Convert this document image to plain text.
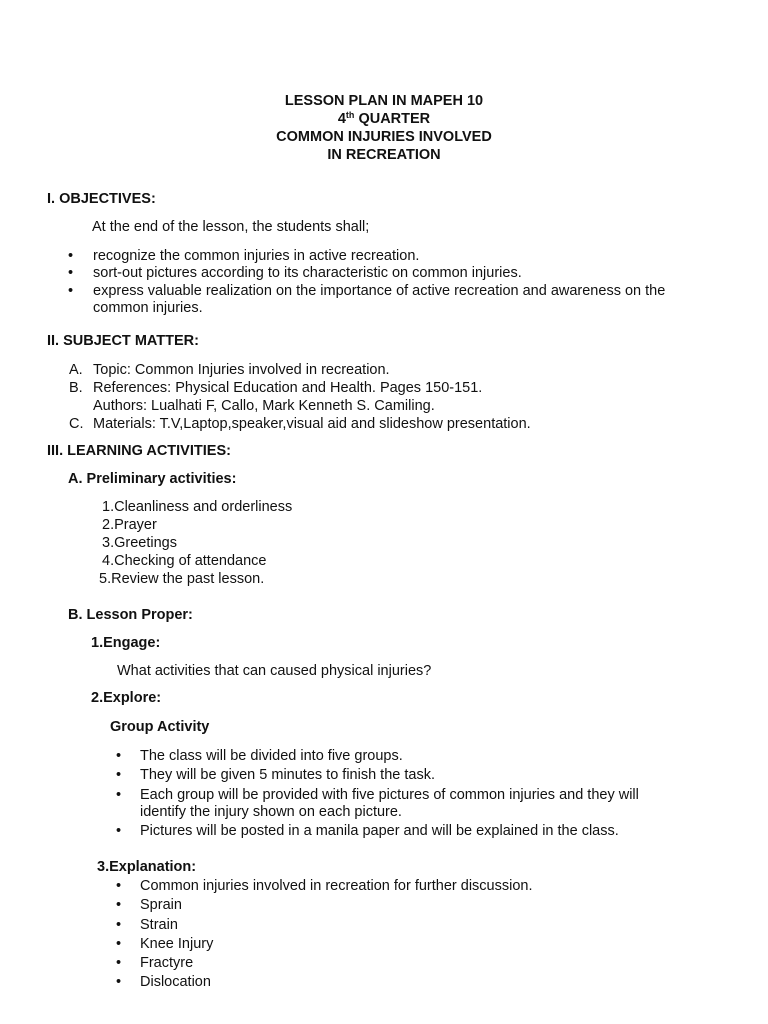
LESSON PLAN IN MAPEH 10
4th QUARTER
COMMON INJURIES INVOLVED
IN RECREATION
I. OBJECTIVES:
At the end of the lesson, the students shall;
• recognize the common injuries in active recreation.
• sort-out pictures according to its characteristic on common injuries.
• express valuable realization on the importance of active recreation and awareness on the
common injuries.
II. SUBJECT MATTER:
A. Topic: Common Injuries involved in recreation.
B. References: Physical Education and Health. Pages 150-151.
Authors: Lualhati F, Callo, Mark Kenneth S. Camiling.
C. Materials: T.V,Laptop,speaker,visual aid and slideshow presentation.
III. LEARNING ACTIVITIES:
A. Preliminary activities:
1.Cleanliness and orderliness
2.Prayer
3.Greetings
4.Checking of attendance
5.Review the past lesson.
B. Lesson Proper:
1.Engage:
What activities that can caused physical injuries?
2.Explore:
Group Activity
• The class will be divided into five groups.
• They will be given 5 minutes to finish the task.
• Each group will be provided with five pictures of common injuries and they will
identify the injury shown on each picture.
• Pictures will be posted in a manila paper and will be explained in the class.
3.Explanation:
• Common injuries involved in recreation for further discussion.
• Sprain
• Strain
• Knee Injury
• Fractyre
• Dislocation
